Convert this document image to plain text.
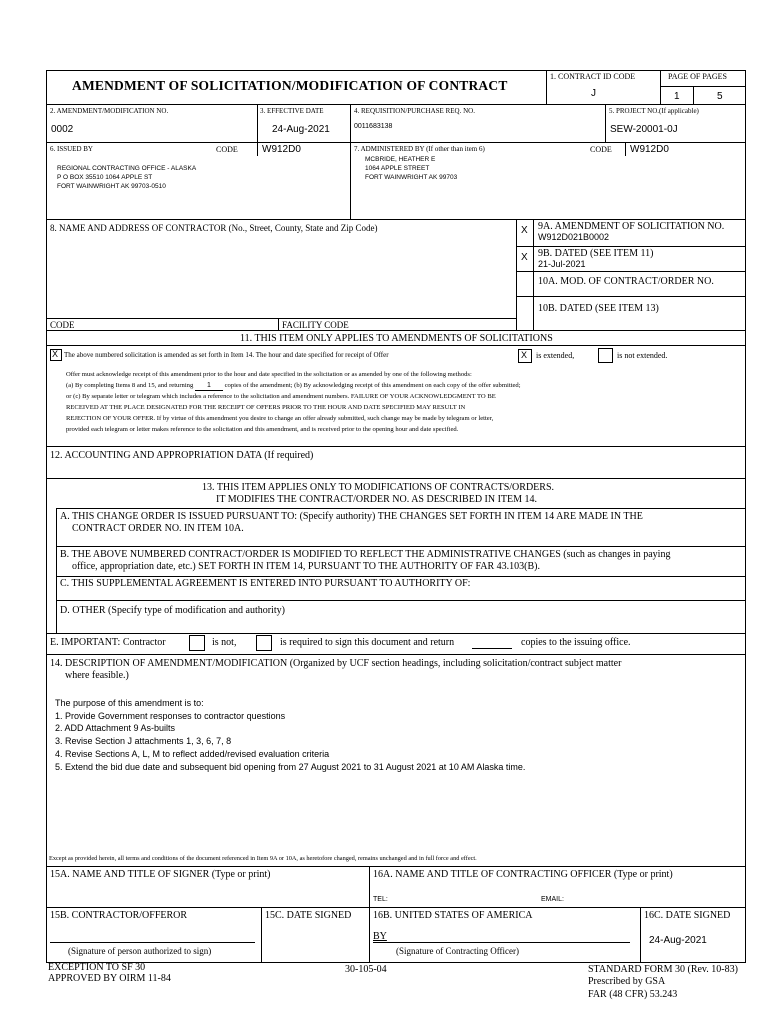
AMENDMENT OF SOLICITATION/MODIFICATION OF CONTRACT
1. CONTRACT ID CODE
J
PAGE OF PAGES
1	5
2. AMENDMENT/MODIFICATION NO.
0002
3. EFFECTIVE DATE
24-Aug-2021
4. REQUISITION/PURCHASE REQ. NO.
0011683138
5. PROJECT NO.(If applicable)
SEW-20001-0J
6. ISSUED BY	CODE W912D0
REGIONAL CONTRACTING OFFICE - ALASKA
P O BOX 35510 1064 APPLE ST
FORT WAINWRIGHT AK 99703-0510
7. ADMINISTERED BY (If other than item 6)	CODE W912D0
MCBRIDE, HEATHER E
1064 APPLE STREET
FORT WAINWRIGHT AK 99703
8. NAME AND ADDRESS OF CONTRACTOR (No., Street, County, State and Zip Code)	X 9A. AMENDMENT OF SOLICITATION NO.
W912D021B0002
X 9B. DATED (SEE ITEM 11)
21-Jul-2021
10A. MOD. OF CONTRACT/ORDER NO.
10B. DATED (SEE ITEM 13)
CODE	FACILITY CODE
11. THIS ITEM ONLY APPLIES TO AMENDMENTS OF SOLICITATIONS
X The above numbered solicitation is amended as set forth in Item 14. The hour and date specified for receipt of Offer	X is extended,	is not extended.
Offer must acknowledge receipt of this amendment prior to the hour and date specified in the solicitation or as amended by one of the following methods:
(a) By completing Items 8 and 15, and returning 1 copies of the amendment; (b) By acknowledging receipt of this amendment on each copy of the offer submitted;
or (c) By separate letter or telegram which includes a reference to the solicitation and amendment numbers. FAILURE OF YOUR ACKNOWLEDGMENT TO BE
RECEIVED AT THE PLACE DESIGNATED FOR THE RECEIPT OF OFFERS PRIOR TO THE HOUR AND DATE SPECIFIED MAY RESULT IN
REJECTION OF YOUR OFFER. If by virtue of this amendment you desire to change an offer already submitted, such change may be made by telegram or letter,
provided each telegram or letter makes reference to the solicitation and this amendment, and is received prior to the opening hour and date specified.
12. ACCOUNTING AND APPROPRIATION DATA (If required)
13. THIS ITEM APPLIES ONLY TO MODIFICATIONS OF CONTRACTS/ORDERS.
IT MODIFIES THE CONTRACT/ORDER NO. AS DESCRIBED IN ITEM 14.
A. THIS CHANGE ORDER IS ISSUED PURSUANT TO: (Specify authority) THE CHANGES SET FORTH IN ITEM 14 ARE MADE IN THE
CONTRACT ORDER NO. IN ITEM 10A.
B. THE ABOVE NUMBERED CONTRACT/ORDER IS MODIFIED TO REFLECT THE ADMINISTRATIVE CHANGES (such as changes in paying
office, appropriation date, etc.) SET FORTH IN ITEM 14, PURSUANT TO THE AUTHORITY OF FAR 43.103(B).
C. THIS SUPPLEMENTAL AGREEMENT IS ENTERED INTO PURSUANT TO AUTHORITY OF:
D. OTHER (Specify type of modification and authority)
E. IMPORTANT: Contractor	is not,	is required to sign this document and return	copies to the issuing office.
14. DESCRIPTION OF AMENDMENT/MODIFICATION (Organized by UCF section headings, including solicitation/contract subject matter
where feasible.)
The purpose of this amendment is to:
1. Provide Government responses to contractor questions
2. ADD Attachment 9 As-builts
3. Revise Section J attachments 1, 3, 6, 7, 8
4. Revise Sections A, L, M to reflect added/revised evaluation criteria
5. Extend the bid due date and subsequent bid opening from 27 August 2021 to 31 August 2021 at 10 AM Alaska time.
Except as provided herein, all terms and conditions of the document referenced in Item 9A or 10A, as heretofore changed, remains unchanged and in full force and effect.
15A. NAME AND TITLE OF SIGNER (Type or print)	16A. NAME AND TITLE OF CONTRACTING OFFICER (Type or print)
TEL:	EMAIL:
15B. CONTRACTOR/OFFEROR	15C. DATE SIGNED 16B. UNITED STATES OF AMERICA	16C. DATE SIGNED
BY	24-Aug-2021
(Signature of person authorized to sign)	(Signature of Contracting Officer)
EXCEPTION TO SF 30
APPROVED BY OIRM 11-84
30-105-04	STANDARD FORM 30 (Rev. 10-83)
Prescribed by GSA
FAR (48 CFR) 53.243
